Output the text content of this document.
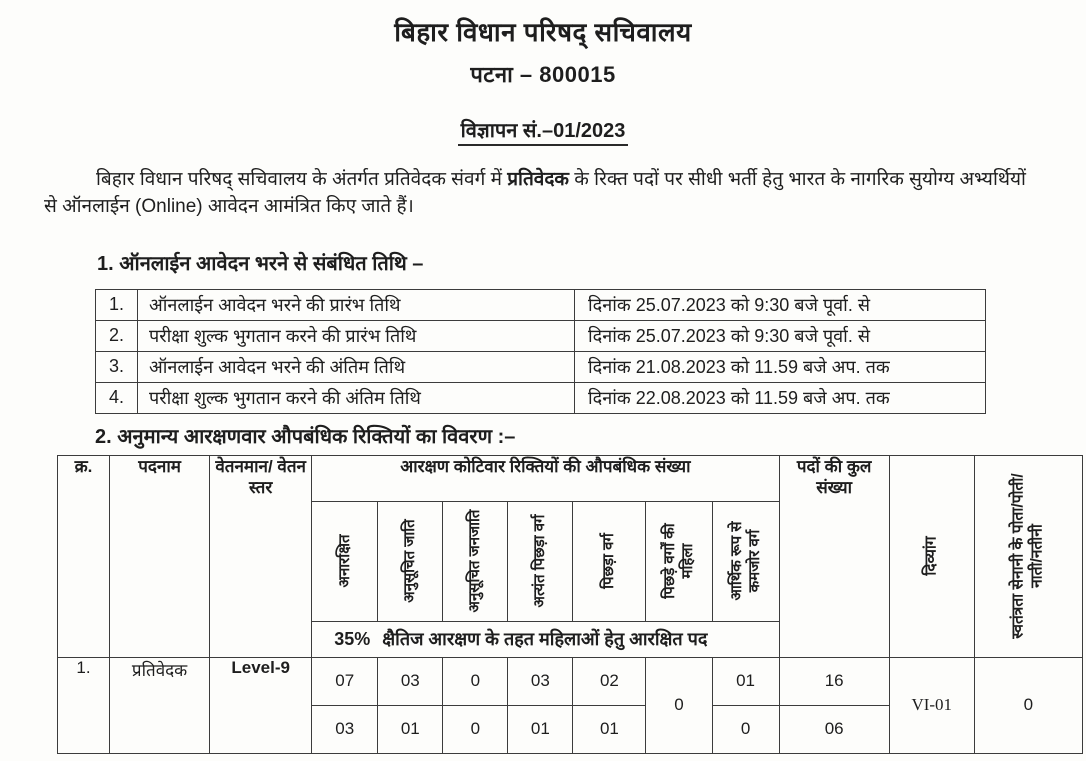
बिहार विधान परिषद् सचिवालय
पटना – 800015
विज्ञापन सं.–01/2023

बिहार विधान परिषद् सचिवालय के अंतर्गत प्रतिवेदक संवर्ग में प्रतिवेदक के रिक्त पदों पर सीधी भर्ती हेतु भारत के नागरिक सुयोग्य अभ्यर्थियों से ऑनलाईन (Online) आवेदन आमंत्रित किए जाते हैं।

1. ऑनलाईन आवेदन भरने से संबंधित तिथि –
1.	ऑनलाईन आवेदन भरने की प्रारंभ तिथि	दिनांक 25.07.2023 को 9:30 बजे पूर्वा. से
2.	परीक्षा शुल्क भुगतान करने की प्रारंभ तिथि	दिनांक 25.07.2023 को 9:30 बजे पूर्वा. से
3.	ऑनलाईन आवेदन भरने की अंतिम तिथि	दिनांक 21.08.2023 को 11.59 बजे अप. तक
4.	परीक्षा शुल्क भुगतान करने की अंतिम तिथि	दिनांक 22.08.2023 को 11.59 बजे अप. तक
2. अनुमान्य आरक्षणवार औपबंधिक रिक्तियों का विवरण :–
क्र.	पदनाम	वेतनमान/ वेतन स्तर	आरक्षण कोटिवार रिक्तियों की औपबंधिक संख्या							पदों की कुल संख्या	दिव्यांग	स्वतंत्रता सेनानी के पोता/पोती/नाती/नतीनी

			अनारक्षित	अनुसूचित जाति	अनुसूचित जनजाति	अत्यंत पिछड़ा वर्ग	पिछड़ा वर्ग	पिछड़े वर्गों की महिला	आर्थिक रूप से कमजोर वर्ग			

			35% क्षैतिज आरक्षण के तहत महिलाओं हेतु आरक्षित पद									
1.	प्रतिवेदक	Level-9	07	03	0	03	02	0	01	16	VI-01	0
			03	01	0	01	01		0	06		
